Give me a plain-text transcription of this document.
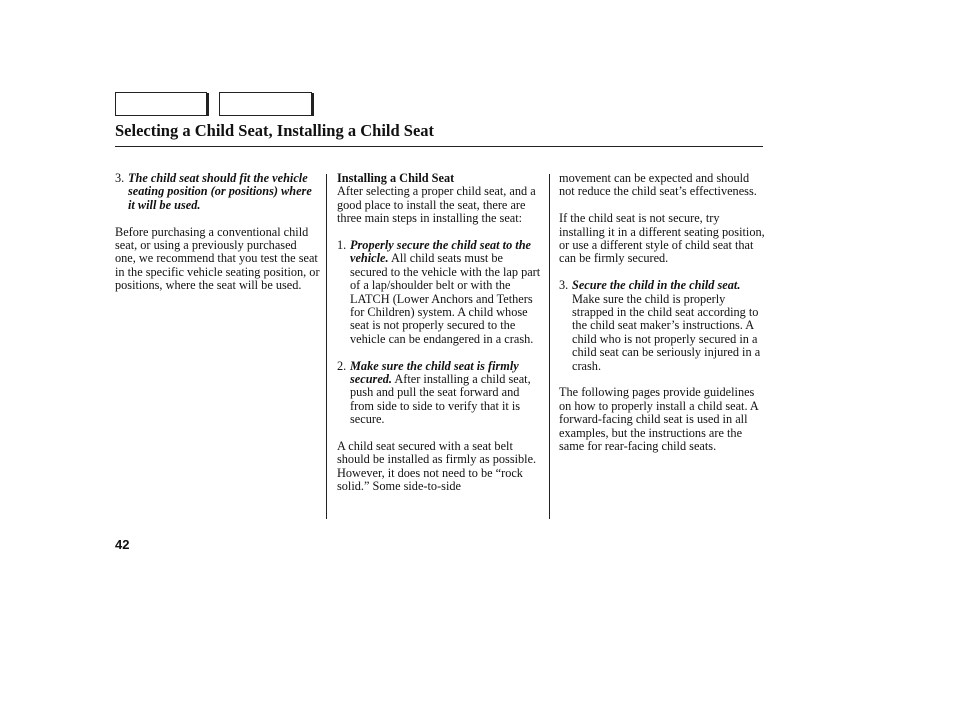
Selecting a Child Seat, Installing a Child Seat
3. The child seat should fit the vehicle seating position (or positions) where it will be used.

Before purchasing a conventional child seat, or using a previously purchased one, we recommend that you test the seat in the specific vehicle seating position, or positions, where the seat will be used.

Installing a Child Seat

After selecting a proper child seat, and a good place to install the seat, there are three main steps in installing the seat:

1. Properly secure the child seat to the vehicle. All child seats must be secured to the vehicle with the lap part of a lap/shoulder belt or with the LATCH (Lower Anchors and Tethers for Children) system. A child whose seat is not properly secured to the vehicle can be endangered in a crash.
2. Make sure the child seat is firmly secured. After installing a child seat, push and pull the seat forward and from side to side to verify that it is secure.

A child seat secured with a seat belt should be installed as firmly as possible. However, it does not need to be “rock solid.” Some side-to-side

movement can be expected and should not reduce the child seat’s effectiveness.

If the child seat is not secure, try installing it in a different seating position, or use a different style of child seat that can be firmly secured.

3. Secure the child in the child seat.
Make sure the child is properly strapped in the child seat according to the child seat maker’s instructions. A child who is not properly secured in a child seat can be seriously injured in a crash.

The following pages provide guidelines on how to properly install a child seat. A forward-facing child seat is used in all examples, but the instructions are the same for rear-facing child seats.

42
